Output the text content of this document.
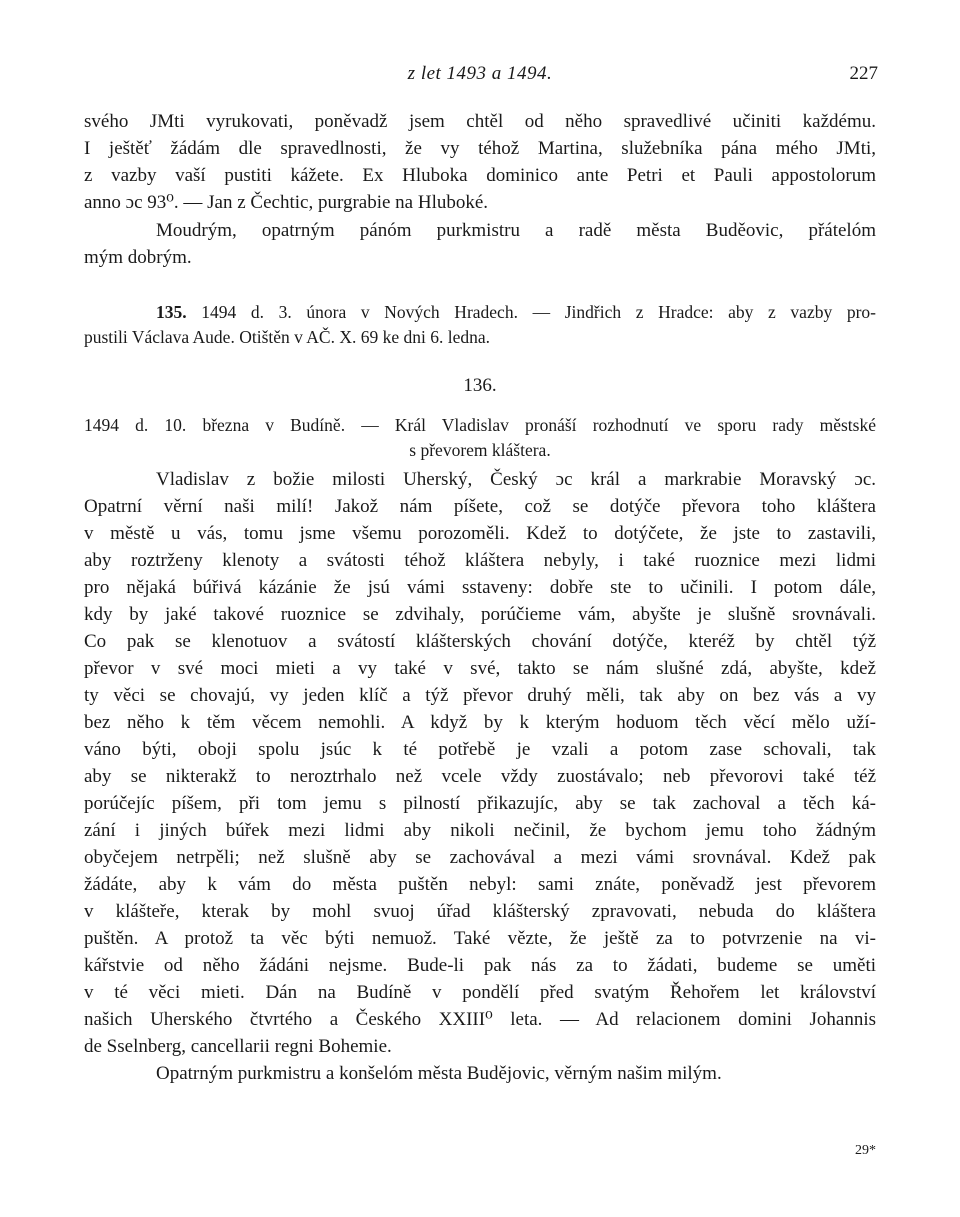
z let 1493 a 1494.	227
svého JMti vyrukovati, poněvadž jsem chtěl od něho spravedlivé učiniti každému.
I ještěť žádám dle spravedlnosti, že vy téhož Martina, služebníka pána mého JMti,
z vazby vaší pustiti kážete. Ex Hluboka dominico ante Petri et Pauli appostolorum
anno ɔc 93⁰. — Jan z Čechtic, purgrabie na Hluboké.
Moudrým, opatrným pánóm purkmistru a radě města Buděovic, přátelóm
mým dobrým.
135. 1494 d. 3. února v Nových Hradech. — Jindřich z Hradce: aby z vazby pro-
pustili Václava Aude. Otištěn v AČ. X. 69 ke dni 6. ledna.
136.
1494 d. 10. března v Budíně. — Král Vladislav pronáší rozhodnutí ve sporu rady městské
s převorem kláštera.
Vladislav z božie milosti Uherský, Český ɔc král a markrabie Moravský ɔc.
Opatrní věrní naši milí! Jakož nám píšete, což se dotýče převora toho kláštera
v městě u vás, tomu jsme všemu porozoměli. Kdež to dotýčete, že jste to zastavili,
aby roztrženy klenoty a svátosti téhož kláštera nebyly, i také ruoznice mezi lidmi
pro nějaká búřivá kázánie že jsú vámi sstaveny: dobře ste to učinili. I potom dále,
kdy by jaké takové ruoznice se zdvihaly, porúčieme vám, abyšte je slušně srovnávali.
Co pak se klenotuov a svátostí klášterských chování dotýče, kteréž by chtěl týž
převor v své moci mieti a vy také v své, takto se nám slušné zdá, abyšte, kdež
ty věci se chovajú, vy jeden klíč a týž převor druhý měli, tak aby on bez vás a vy
bez něho k těm věcem nemohli. A když by k kterým hoduom těch věcí mělo uží-
váno býti, oboji spolu jsúc k té potřebě je vzali a potom zase schovali, tak
aby se nikterakž to neroztrhalo než vcele vždy zuostávalo; neb převorovi také též
porúčejíc píšem, při tom jemu s pilností přikazujíc, aby se tak zachoval a těch ká-
zání i jiných búřek mezi lidmi aby nikoli nečinil, že bychom jemu toho žádným
obyčejem netrpěli; než slušně aby se zachovával a mezi vámi srovnával. Kdež pak
žádáte, aby k vám do města puštěn nebyl: sami znáte, poněvadž jest převorem
v klášteře, kterak by mohl svuoj úřad klášterský zpravovati, nebuda do kláštera
puštěn. A protož ta věc býti nemuož. Také vězte, že ještě za to potvrzenie na vi-
kářstvie od něho žádáni nejsme. Bude-li pak nás za to žádati, budeme se uměti
v té věci mieti. Dán na Budíně v pondělí před svatým Řehořem let království
našich Uherského čtvrtého a Českého XXIII⁰ leta. — Ad relacionem domini Johannis
de Sselnberg, cancellarii regni Bohemie.
Opatrným purkmistru a konšelóm města Budějovic, věrným našim milým.
29*
